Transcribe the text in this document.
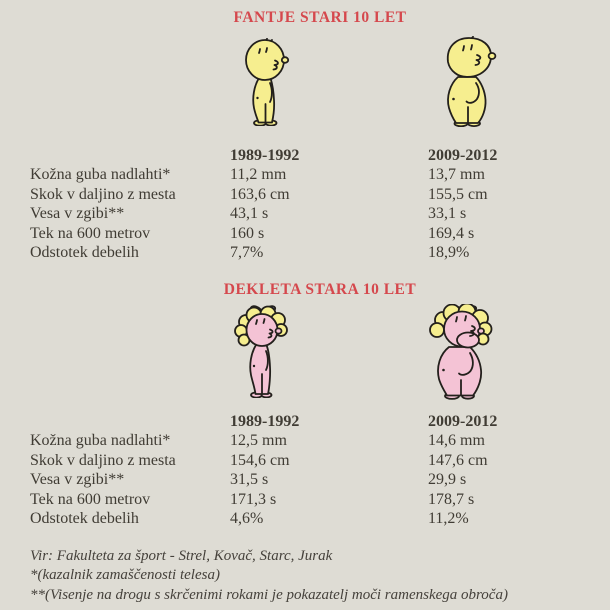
FANTJE STARI 10 LET
1989-1992	2009-2012
Kožna guba nadlahti*	11,2 mm	13,7 mm
Skok v daljino z mesta	163,6 cm	155,5 cm
Vesa v zgibi**	43,1 s	33,1 s
Tek na 600 metrov	160 s	169,4 s
Odstotek debelih	7,7%	18,9%
DEKLETA STARA 10 LET
1989-1992	2009-2012
Kožna guba nadlahti*	12,5 mm	14,6 mm
Skok v daljino z mesta	154,6 cm	147,6 cm
Vesa v zgibi**	31,5 s	29,9 s
Tek na 600 metrov	171,3 s	178,7 s
Odstotek debelih	4,6%	11,2%
Vir: Fakulteta za šport - Strel, Kovač, Starc, Jurak
*(kazalnik zamaščenosti telesa)
**(Visenje na drogu s skrčenimi rokami je pokazatelj moči ramenskega obroča)
